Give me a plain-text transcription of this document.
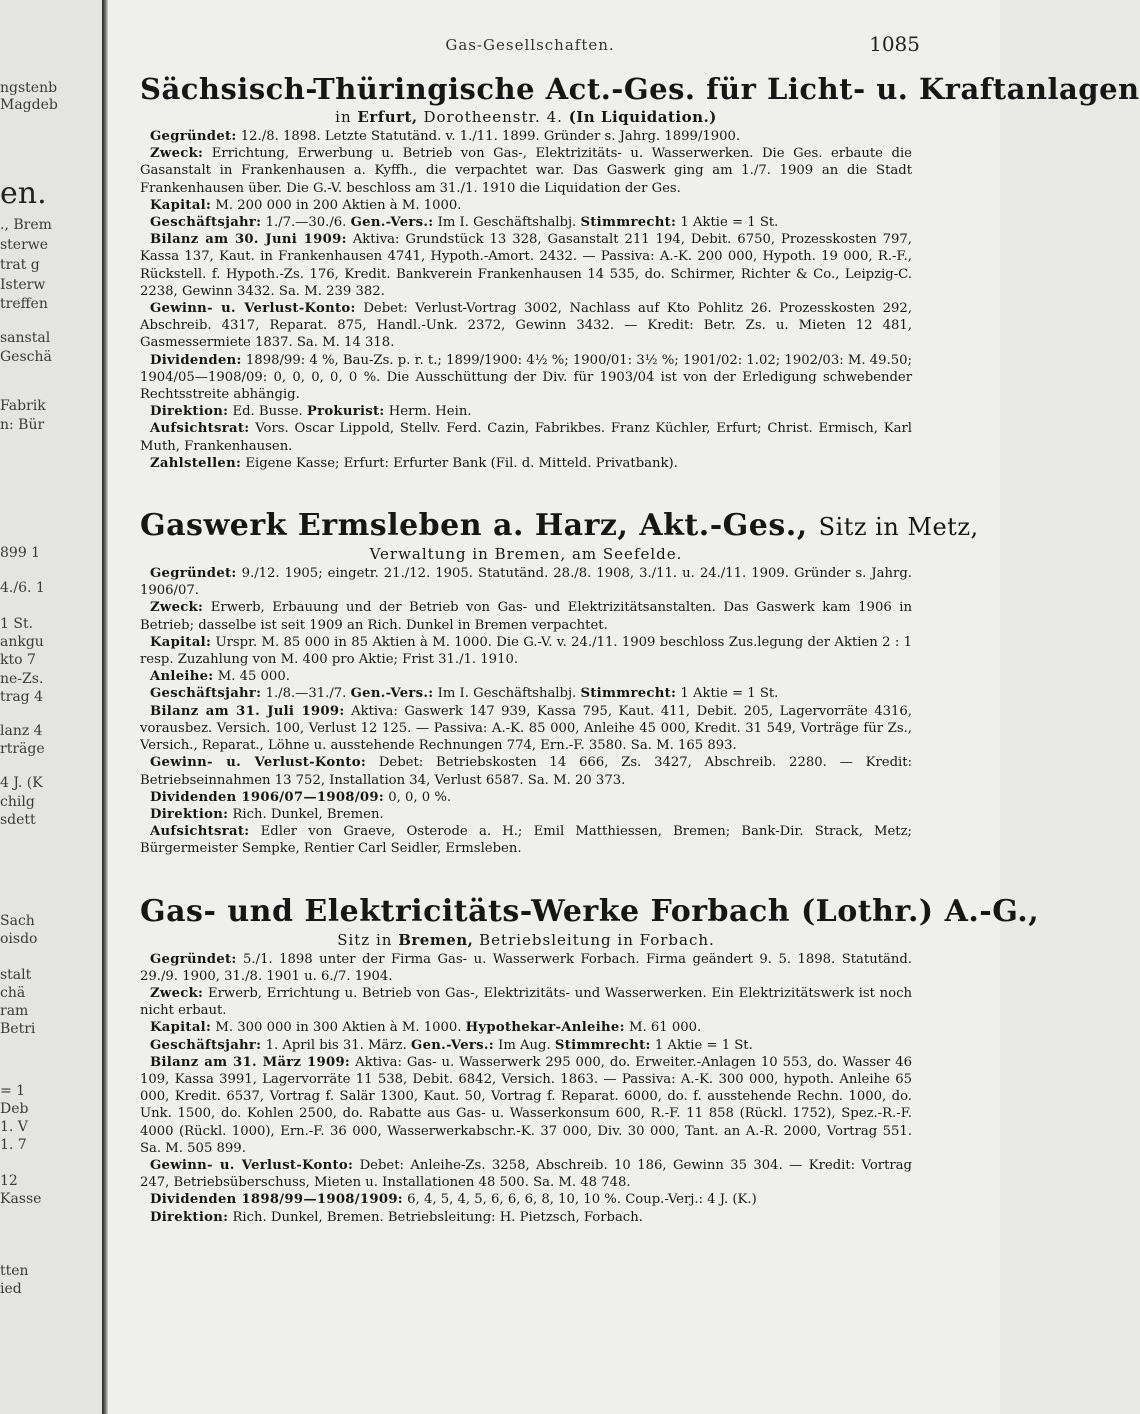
ngstenb
Magdeb
en.
., Brem
sterwe
trat g
Isterw
treffen
sanstal
Geschä
Fabrik
n: Bür
899 1
4./6. 1
1 St.
ankgu
kto 7
ne-Zs.
trag 4
lanz 4
rträge
4 J. (K
chilg
sdett
Sach
oisdo
stalt
chä
ram
Betri
= 1
Deb
1. V
1. 7
12
Kasse
tten
ied
Gas-Gesellschaften.	1085
Sächsisch-Thüringische Act.-Ges. für Licht- u. Kraftanlagen
in Erfurt, Dorotheenstr. 4. (In Liquidation.)
Gegründet: 12./8. 1898. Letzte Statutänd. v. 1./11. 1899. Gründer s. Jahrg. 1899/1900.
Zweck: Errichtung, Erwerbung u. Betrieb von Gas-, Elektrizitäts- u. Wasserwerken. Die Ges. erbaute die Gasanstalt in Frankenhausen a. Kyffh., die verpachtet war. Das Gaswerk ging am 1./7. 1909 an die Stadt Frankenhausen über. Die G.-V. beschloss am 31./1. 1910 die Liquidation der Ges.
Kapital: M. 200 000 in 200 Aktien à M. 1000.
Geschäftsjahr: 1./7.—30./6. Gen.-Vers.: Im I. Geschäftshalbj. Stimmrecht: 1 Aktie = 1 St.
Bilanz am 30. Juni 1909: Aktiva: Grundstück 13 328, Gasanstalt 211 194, Debit. 6750, Prozesskosten 797, Kassa 137, Kaut. in Frankenhausen 4741, Hypoth.-Amort. 2432. — Passiva: A.-K. 200 000, Hypoth. 19 000, R.-F., Rückstell. f. Hypoth.-Zs. 176, Kredit. Bankverein Frankenhausen 14 535, do. Schirmer, Richter & Co., Leipzig-C. 2238, Gewinn 3432. Sa. M. 239 382.
Gewinn- u. Verlust-Konto: Debet: Verlust-Vortrag 3002, Nachlass auf Kto Pohlitz 26. Prozesskosten 292, Abschreib. 4317, Reparat. 875, Handl.-Unk. 2372, Gewinn 3432. — Kredit: Betr. Zs. u. Mieten 12 481, Gasmessermiete 1837. Sa. M. 14 318.
Dividenden: 1898/99: 4 %, Bau-Zs. p. r. t.; 1899/1900: 4½ %; 1900/01: 3½ %; 1901/02: 1.02; 1902/03: M. 49.50; 1904/05—1908/09: 0, 0, 0, 0, 0 %. Die Ausschüttung der Div. für 1903/04 ist von der Erledigung schwebender Rechtsstreite abhängig.
Direktion: Ed. Busse. Prokurist: Herm. Hein.
Aufsichtsrat: Vors. Oscar Lippold, Stellv. Ferd. Cazin, Fabrikbes. Franz Küchler, Erfurt; Christ. Ermisch, Karl Muth, Frankenhausen.
Zahlstellen: Eigene Kasse; Erfurt: Erfurter Bank (Fil. d. Mitteld. Privatbank).
Gaswerk Ermsleben a. Harz, Akt.-Ges., Sitz in Metz,
Verwaltung in Bremen, am Seefelde.
Gegründet: 9./12. 1905; eingetr. 21./12. 1905. Statutänd. 28./8. 1908, 3./11. u. 24./11. 1909. Gründer s. Jahrg. 1906/07.
Zweck: Erwerb, Erbauung und der Betrieb von Gas- und Elektrizitätsanstalten. Das Gaswerk kam 1906 in Betrieb; dasselbe ist seit 1909 an Rich. Dunkel in Bremen verpachtet.
Kapital: Urspr. M. 85 000 in 85 Aktien à M. 1000. Die G.-V. v. 24./11. 1909 beschloss Zus.legung der Aktien 2 : 1 resp. Zuzahlung von M. 400 pro Aktie; Frist 31./1. 1910.
Anleihe: M. 45 000.
Geschäftsjahr: 1./8.—31./7. Gen.-Vers.: Im I. Geschäftshalbj. Stimmrecht: 1 Aktie = 1 St.
Bilanz am 31. Juli 1909: Aktiva: Gaswerk 147 939, Kassa 795, Kaut. 411, Debit. 205, Lagervorräte 4316, vorausbez. Versich. 100, Verlust 12 125. — Passiva: A.-K. 85 000, Anleihe 45 000, Kredit. 31 549, Vorträge für Zs., Versich., Reparat., Löhne u. ausstehende Rechnungen 774, Ern.-F. 3580. Sa. M. 165 893.
Gewinn- u. Verlust-Konto: Debet: Betriebskosten 14 666, Zs. 3427, Abschreib. 2280. — Kredit: Betriebseinnahmen 13 752, Installation 34, Verlust 6587. Sa. M. 20 373.
Dividenden 1906/07—1908/09: 0, 0, 0 %.
Direktion: Rich. Dunkel, Bremen.
Aufsichtsrat: Edler von Graeve, Osterode a. H.; Emil Matthiessen, Bremen; Bank-Dir. Strack, Metz; Bürgermeister Sempke, Rentier Carl Seidler, Ermsleben.
Gas- und Elektricitäts-Werke Forbach (Lothr.) A.-G.,
Sitz in Bremen, Betriebsleitung in Forbach.
Gegründet: 5./1. 1898 unter der Firma Gas- u. Wasserwerk Forbach. Firma geändert 9. 5. 1898. Statutänd. 29./9. 1900, 31./8. 1901 u. 6./7. 1904.
Zweck: Erwerb, Errichtung u. Betrieb von Gas-, Elektrizitäts- und Wasserwerken. Ein Elektrizitätswerk ist noch nicht erbaut.
Kapital: M. 300 000 in 300 Aktien à M. 1000. Hypothekar-Anleihe: M. 61 000.
Geschäftsjahr: 1. April bis 31. März. Gen.-Vers.: Im Aug. Stimmrecht: 1 Aktie = 1 St.
Bilanz am 31. März 1909: Aktiva: Gas- u. Wasserwerk 295 000, do. Erweiter.-Anlagen 10 553, do. Wasser 46 109, Kassa 3991, Lagervorräte 11 538, Debit. 6842, Versich. 1863. — Passiva: A.-K. 300 000, hypoth. Anleihe 65 000, Kredit. 6537, Vortrag f. Salär 1300, Kaut. 50, Vortrag f. Reparat. 6000, do. f. ausstehende Rechn. 1000, do. Unk. 1500, do. Kohlen 2500, do. Rabatte aus Gas- u. Wasserkonsum 600, R.-F. 11 858 (Rückl. 1752), Spez.-R.-F. 4000 (Rückl. 1000), Ern.-F. 36 000, Wasserwerkabschr.-K. 37 000, Div. 30 000, Tant. an A.-R. 2000, Vortrag 551. Sa. M. 505 899.
Gewinn- u. Verlust-Konto: Debet: Anleihe-Zs. 3258, Abschreib. 10 186, Gewinn 35 304. — Kredit: Vortrag 247, Betriebsüberschuss, Mieten u. Installationen 48 500. Sa. M. 48 748.
Dividenden 1898/99—1908/1909: 6, 4, 5, 4, 5, 6, 6, 6, 8, 10, 10 %. Coup.-Verj.: 4 J. (K.)
Direktion: Rich. Dunkel, Bremen. Betriebsleitung: H. Pietzsch, Forbach.
